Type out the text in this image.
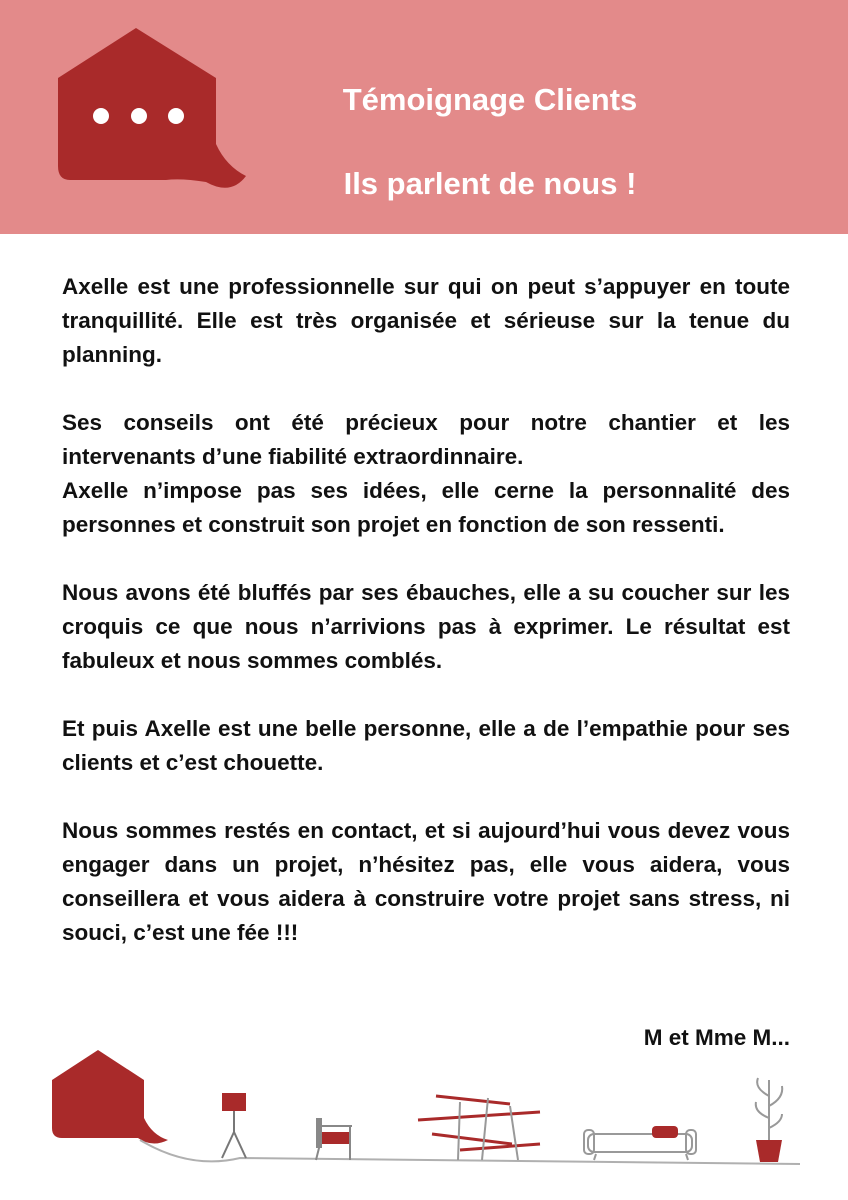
Témoignage Clients
Ils parlent de nous !

Axelle est une professionnelle sur qui on peut s’appuyer en toute tranquillité. Elle est très organisée et sérieuse sur la tenue du planning.

Ses conseils ont été précieux pour notre chantier et les intervenants d’une fiabilité extraordinnaire.

Axelle n’impose pas ses idées, elle cerne la personnalité des personnes et construit son projet en fonction de son ressenti.

Nous avons été bluffés par ses ébauches, elle a su coucher sur les croquis ce que nous n’arrivions pas à exprimer. Le résultat est fabuleux et nous sommes comblés.

Et puis Axelle est une belle personne, elle a de l’empathie pour ses clients et c’est chouette.

Nous sommes restés en contact, et si aujourd’hui vous devez vous engager dans un projet, n’hésitez pas, elle vous aidera, vous conseillera et vous aidera à construire votre projet sans stress, ni souci, c’est une fée !!!

M et Mme M...
